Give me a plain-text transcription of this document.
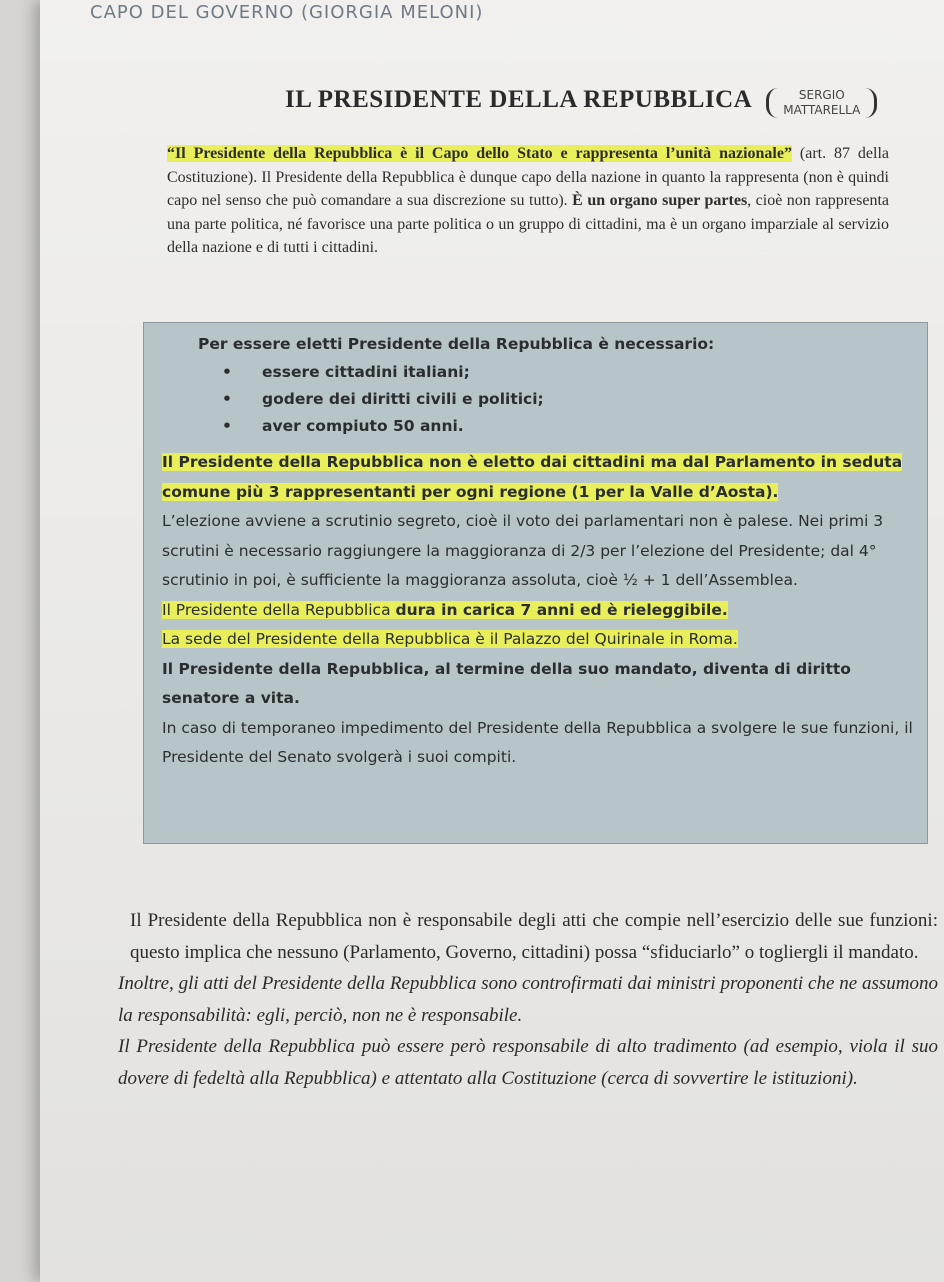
CAPO DEL GOVERNO (GIORGIA MELONI)

IL PRESIDENTE DELLA REPUBBLICA	SERGIO
MATTARELLA

“Il Presidente della Repubblica è il Capo dello Stato e rappresenta l’unità nazionale” (art. 87 della Costituzione). Il Presidente della Repubblica è dunque capo della nazione in quanto la rappresenta (non è quindi capo nel senso che può comandare a sua discrezione su tutto). È un organo super partes, cioè non rappresenta una parte politica, né favorisce una parte politica o un gruppo di cittadini, ma è un organo imparziale al servizio della nazione e di tutti i cittadini.

Per essere eletti Presidente della Repubblica è necessario:
• essere cittadini italiani;
• godere dei diritti civili e politici;
• aver compiuto 50 anni.

Il Presidente della Repubblica non è eletto dai cittadini ma dal Parlamento in seduta comune più 3 rappresentanti per ogni regione (1 per la Valle d’Aosta).

L’elezione avviene a scrutinio segreto, cioè il voto dei parlamentari non è palese. Nei primi 3 scrutini è necessario raggiungere la maggioranza di 2/3 per l’elezione del Presidente; dal 4° scrutinio in poi, è sufficiente la maggioranza assoluta, cioè ½ + 1 dell’Assemblea.

Il Presidente della Repubblica dura in carica 7 anni ed è rieleggibile.

La sede del Presidente della Repubblica è il Palazzo del Quirinale in Roma.

Il Presidente della Repubblica, al termine della suo mandato, diventa di diritto senatore a vita.

In caso di temporaneo impedimento del Presidente della Repubblica a svolgere le sue funzioni, il Presidente del Senato svolgerà i suoi compiti.

Il Presidente della Repubblica non è responsabile degli atti che compie nell’esercizio delle sue funzioni: questo implica che nessuno (Parlamento, Governo, cittadini) possa “sfiduciarlo” o togliergli il mandato.

Inoltre, gli atti del Presidente della Repubblica sono controfirmati dai ministri proponenti che ne assumono la responsabilità: egli, perciò, non ne è responsabile.

Il Presidente della Repubblica può essere però responsabile di alto tradimento (ad esempio, viola il suo dovere di fedeltà alla Repubblica) e attentato alla Costituzione (cerca di sovvertire le istituzioni).
